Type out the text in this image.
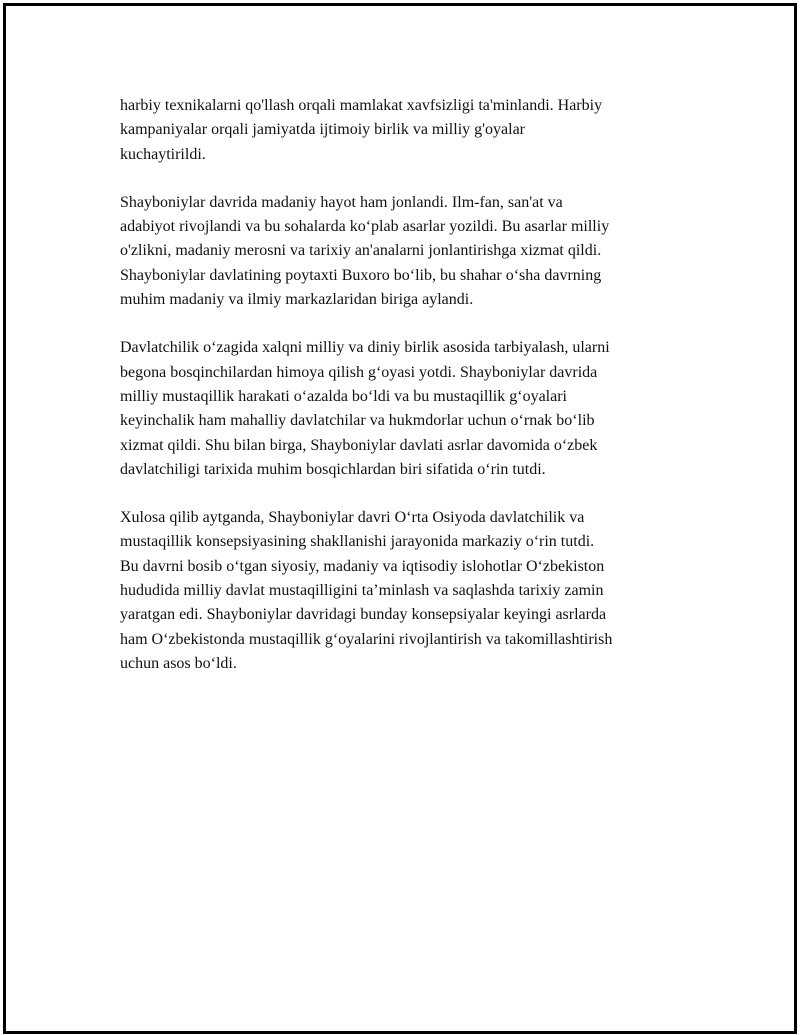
harbiy texnikalarni qo'llash orqali mamlakat xavfsizligi ta'minlandi. Harbiy
kampaniyalar orqali jamiyatda ijtimoiy birlik va milliy g'oyalar
kuchaytirildi.

Shayboniylar davrida madaniy hayot ham jonlandi. Ilm-fan, san'at va
adabiyot rivojlandi va bu sohalarda ko‘plab asarlar yozildi. Bu asarlar milliy
o'zlikni, madaniy merosni va tarixiy an'analarni jonlantirishga xizmat qildi.
Shayboniylar davlatining poytaxti Buxoro bo‘lib, bu shahar o‘sha davrning
muhim madaniy va ilmiy markazlaridan biriga aylandi.

Davlatchilik o‘zagida xalqni milliy va diniy birlik asosida tarbiyalash, ularni
begona bosqinchilardan himoya qilish g‘oyasi yotdi. Shayboniylar davrida
milliy mustaqillik harakati o‘azalda bo‘ldi va bu mustaqillik g‘oyalari
keyinchalik ham mahalliy davlatchilar va hukmdorlar uchun o‘rnak bo‘lib
xizmat qildi. Shu bilan birga, Shayboniylar davlati asrlar davomida o‘zbek
davlatchiligi tarixida muhim bosqichlardan biri sifatida o‘rin tutdi.

Xulosa qilib aytganda, Shayboniylar davri O‘rta Osiyoda davlatchilik va
mustaqillik konsepsiyasining shakllanishi jarayonida markaziy o‘rin tutdi.
Bu davrni bosib o‘tgan siyosiy, madaniy va iqtisodiy islohotlar O‘zbekiston
hududida milliy davlat mustaqilligini ta’minlash va saqlashda tarixiy zamin
yaratgan edi. Shayboniylar davridagi bunday konsepsiyalar keyingi asrlarda
ham O‘zbekistonda mustaqillik g‘oyalarini rivojlantirish va takomillashtirish
uchun asos bo‘ldi.
